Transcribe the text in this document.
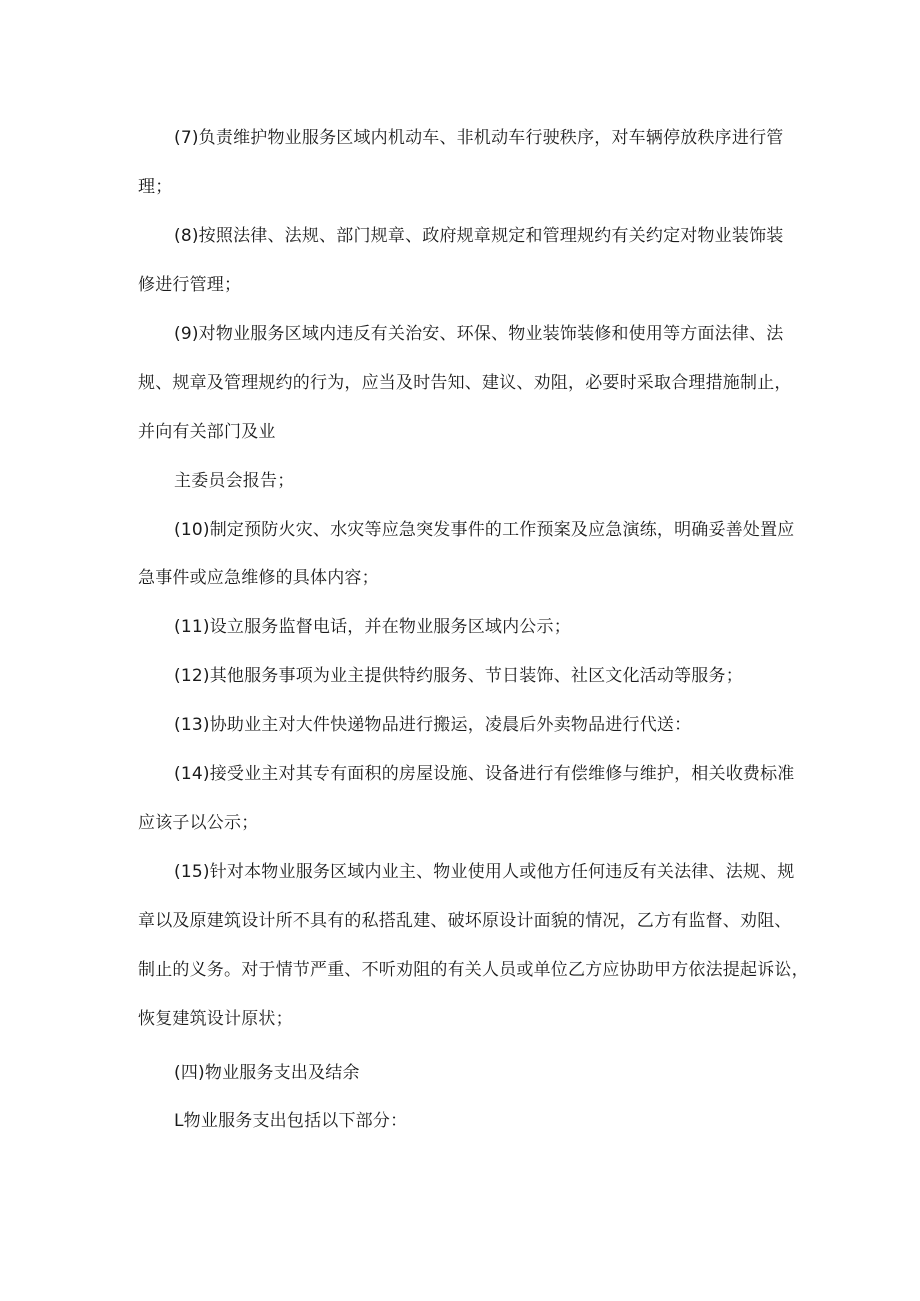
(7)负责维护物业服务区域内机动车、非机动车行驶秩序，对车辆停放秩序进行管
理；
(8)按照法律、法规、部门规章、政府规章规定和管理规约有关约定对物业装饰装
修进行管理；
(9)对物业服务区域内违反有关治安、环保、物业装饰装修和使用等方面法律、法
规、规章及管理规约的行为，应当及时告知、建议、劝阻，必要时采取合理措施制止，
并向有关部门及业
主委员会报告；
(10)制定预防火灾、水灾等应急突发事件的工作预案及应急演练，明确妥善处置应
急事件或应急维修的具体内容；
(11)设立服务监督电话，并在物业服务区域内公示；
(12)其他服务事项为业主提供特约服务、节日装饰、社区文化活动等服务；
(13)协助业主对大件快递物品进行搬运，凌晨后外卖物品进行代送：
(14)接受业主对其专有面积的房屋设施、设备进行有偿维修与维护，相关收费标准
应该子以公示；
(15)针对本物业服务区域内业主、物业使用人或他方任何违反有关法律、法规、规
章以及原建筑设计所不具有的私搭乱建、破坏原设计面貌的情况，乙方有监督、劝阻、
制止的义务。对于情节严重、不听劝阻的有关人员或单位乙方应协助甲方依法提起诉讼，
恢复建筑设计原状；
(四)物业服务支出及结余
L物业服务支出包括以下部分：
